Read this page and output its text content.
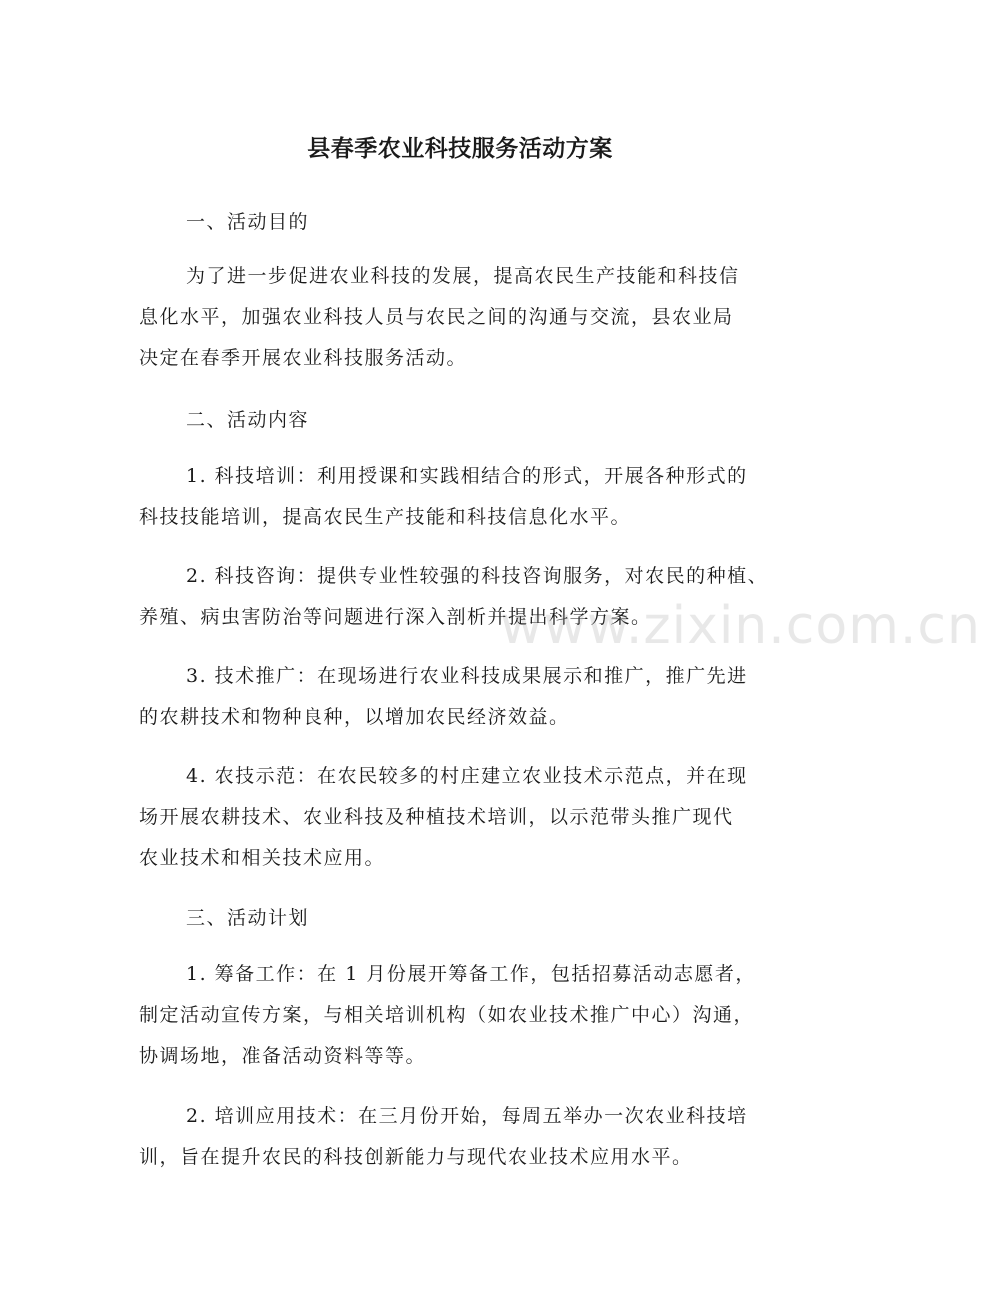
县春季农业科技服务活动方案
一、活动目的
为了进一步促进农业科技的发展，提高农民生产技能和科技信
息化水平，加强农业科技人员与农民之间的沟通与交流，县农业局
决定在春季开展农业科技服务活动。
二、活动内容
1. 科技培训：利用授课和实践相结合的形式，开展各种形式的
科技技能培训，提高农民生产技能和科技信息化水平。
2. 科技咨询：提供专业性较强的科技咨询服务，对农民的种植、
养殖、病虫害防治等问题进行深入剖析并提出科学方案。
3. 技术推广：在现场进行农业科技成果展示和推广，推广先进
的农耕技术和物种良种，以增加农民经济效益。
4. 农技示范：在农民较多的村庄建立农业技术示范点，并在现
场开展农耕技术、农业科技及种植技术培训，以示范带头推广现代
农业技术和相关技术应用。
三、活动计划
1. 筹备工作：在 1 月份展开筹备工作，包括招募活动志愿者，
制定活动宣传方案，与相关培训机构（如农业技术推广中心）沟通，
协调场地，准备活动资料等等。
2. 培训应用技术：在三月份开始，每周五举办一次农业科技培
训，旨在提升农民的科技创新能力与现代农业技术应用水平。
www.zixin.com.cn
